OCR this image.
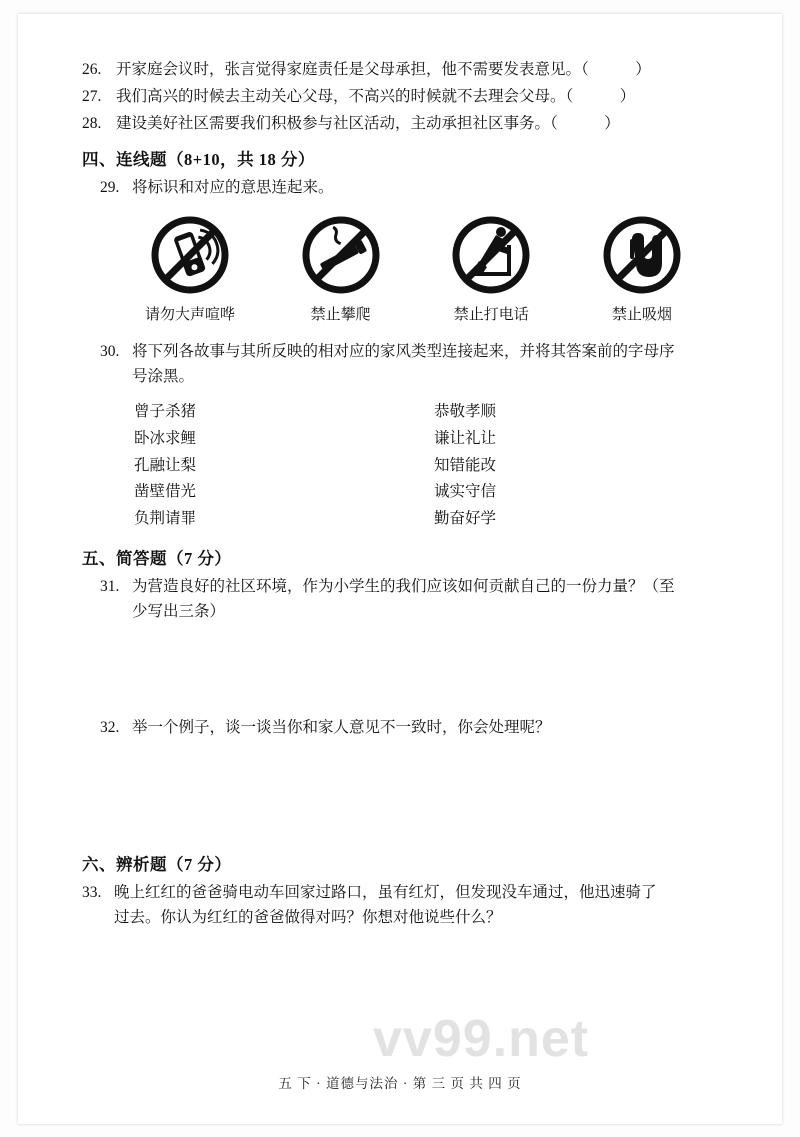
26. 开家庭会议时，张言觉得家庭责任是父母承担，他不需要发表意见。（	）
27. 我们高兴的时候去主动关心父母，不高兴的时候就不去理会父母。（	）
28. 建设美好社区需要我们积极参与社区活动，主动承担社区事务。（	）
四、连线题（8+10，共 18 分）
29. 将标识和对应的意思连起来。
请勿大声喧哗	禁止攀爬	禁止打电话	禁止吸烟
30. 将下列各故事与其所反映的相对应的家风类型连接起来，并将其答案前的字母序
号涂黑。
曾子杀猪
卧冰求鲤
孔融让梨
凿壁借光
负荆请罪
恭敬孝顺
谦让礼让
知错能改
诚实守信
勤奋好学
五、简答题（7 分）
31. 为营造良好的社区环境，作为小学生的我们应该如何贡献自己的一份力量？（至
少写出三条）
32. 举一个例子，谈一谈当你和家人意见不一致时，你会处理呢？
六、辨析题（7 分）
33. 晚上红红的爸爸骑电动车回家过路口，虽有红灯，但发现没车通过，他迅速骑了
过去。你认为红红的爸爸做得对吗？你想对他说些什么？
vv99.net
五 下 · 道德与法治 · 第 三 页 共 四 页
